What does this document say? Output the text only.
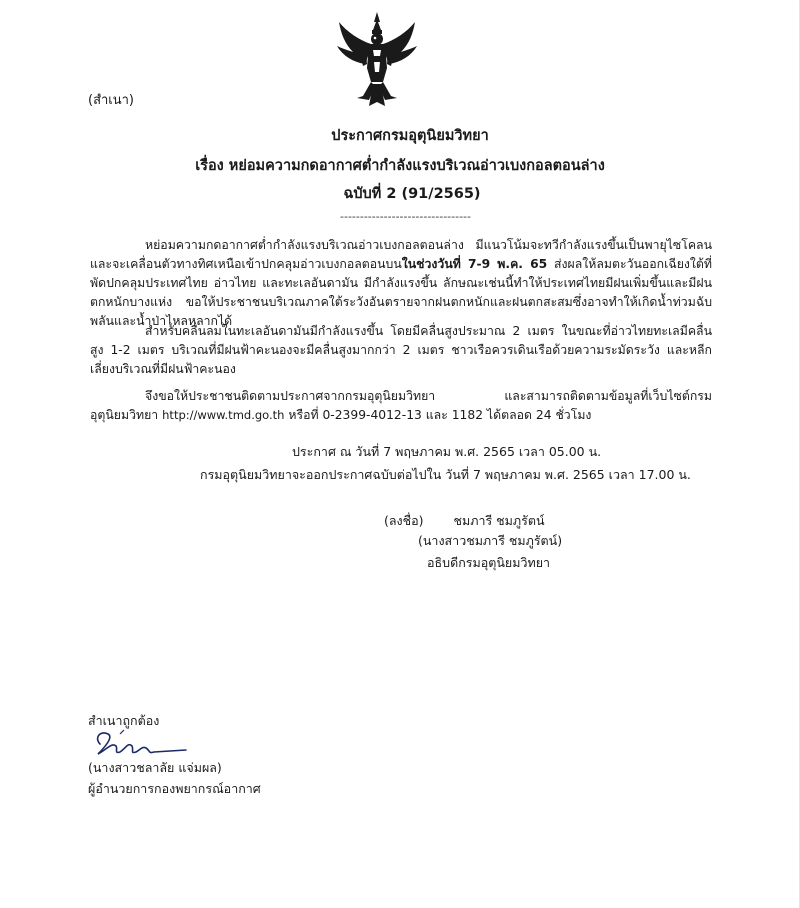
(สำเนา)
ประกาศกรมอุตุนิยมวิทยา
เรื่อง หย่อมความกดอากาศต่ำกำลังแรงบริเวณอ่าวเบงกอลตอนล่าง
ฉบับที่ 2 (91/2565)
---------------------------------

หย่อมความกดอากาศต่ำกำลังแรงบริเวณอ่าวเบงกอลตอนล่าง มีแนวโน้มจะทวีกำลังแรงขึ้นเป็นพายุไซโคลน และจะเคลื่อนตัวทางทิศเหนือเข้าปกคลุมอ่าวเบงกอลตอนบนในช่วงวันที่ 7-9 พ.ค. 65 ส่งผลให้ลมตะวันออกเฉียงใต้ที่พัดปกคลุมประเทศไทย อ่าวไทย และทะเลอันดามัน มีกำลังแรงขึ้น ลักษณะเช่นนี้ทำให้ประเทศไทยมีฝนเพิ่มขึ้นและมีฝนตกหนักบางแห่ง ขอให้ประชาชนบริเวณภาคใต้ระวังอันตรายจากฝนตกหนักและฝนตกสะสมซึ่งอาจทำให้เกิดน้ำท่วมฉับพลันและน้ำป่าไหลหลากได้

สำหรับคลื่นลมในทะเลอันดามันมีกำลังแรงขึ้น โดยมีคลื่นสูงประมาณ 2 เมตร ในขณะที่อ่าวไทยทะเลมีคลื่นสูง 1-2 เมตร บริเวณที่มีฝนฟ้าคะนองจะมีคลื่นสูงมากกว่า 2 เมตร ชาวเรือควรเดินเรือด้วยความระมัดระวัง และหลีกเลี่ยงบริเวณที่มีฝนฟ้าคะนอง

จึงขอให้ประชาชนติดตามประกาศจากกรมอุตุนิยมวิทยา และสามารถติดตามข้อมูลที่เว็บไซต์กรมอุตุนิยมวิทยา http://www.tmd.go.th หรือที่ 0-2399-4012-13 และ 1182 ได้ตลอด 24 ชั่วโมง

ประกาศ ณ วันที่ 7 พฤษภาคม พ.ศ. 2565 เวลา 05.00 น.
กรมอุตุนิยมวิทยาจะออกประกาศฉบับต่อไปใน วันที่ 7 พฤษภาคม พ.ศ. 2565 เวลา 17.00 น.
(ลงชื่อ) ชมภารี ชมภูรัตน์
(นางสาวชมภารี ชมภูรัตน์)
อธิบดีกรมอุตุนิยมวิทยา
สำเนาถูกต้อง
(นางสาวชลาลัย แจ่มผล)
ผู้อำนวยการกองพยากรณ์อากาศ
